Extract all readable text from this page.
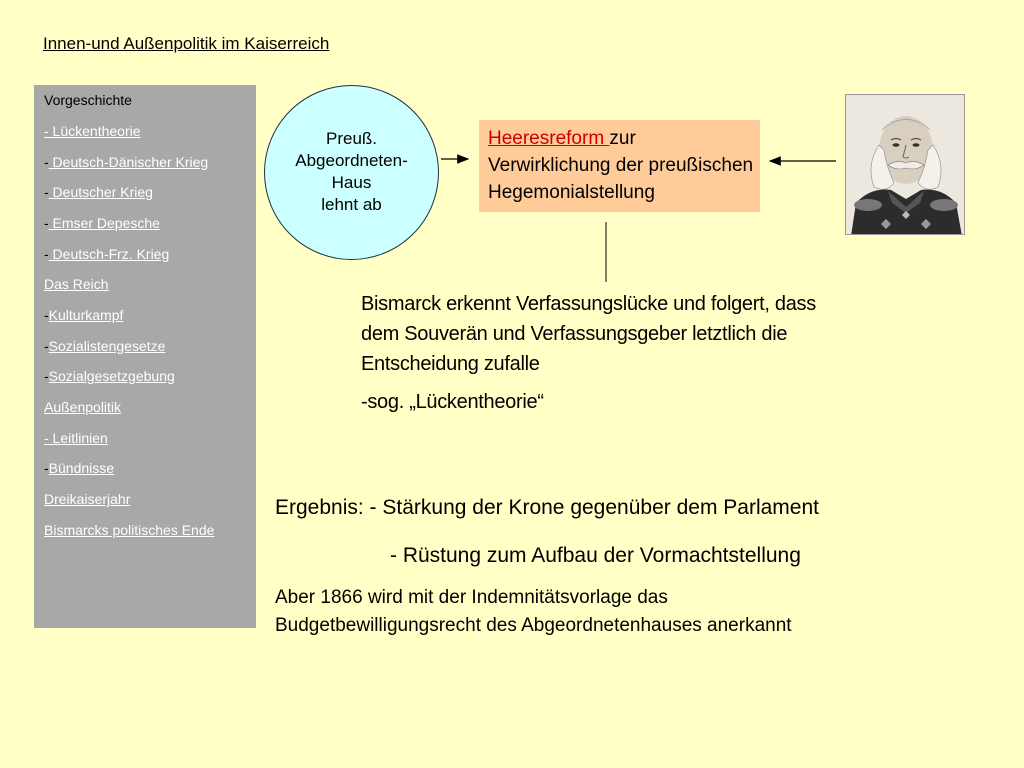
Innen-und Außenpolitik im Kaiserreich
Vorgeschichte
- Lückentheorie
- Deutsch-Dänischer Krieg
- Deutscher Krieg
- Emser Depesche
- Deutsch-Frz. Krieg
Das Reich
-Kulturkampf
-Sozialistengesetze
-Sozialgesetzgebung
Außenpolitik
- Leitlinien
-Bündnisse
Dreikaiserjahr
Bismarcks politisches Ende
Preuß.
Abgeordneten-
Haus
lehnt ab
Heeresreform zur
Verwirklichung der preußischen
Hegemonialstellung

Bismarck erkennt Verfassungslücke und folgert, dass

dem Souverän und Verfassungsgeber letztlich die

Entscheidung zufalle

-sog. „Lückentheorie“

Ergebnis: - Stärkung der Krone gegenüber dem Parlament
- Rüstung zum Aufbau der Vormachtstellung
Aber 1866 wird mit der Indemnitätsvorlage das
Budgetbewilligungsrecht des Abgeordnetenhauses anerkannt
